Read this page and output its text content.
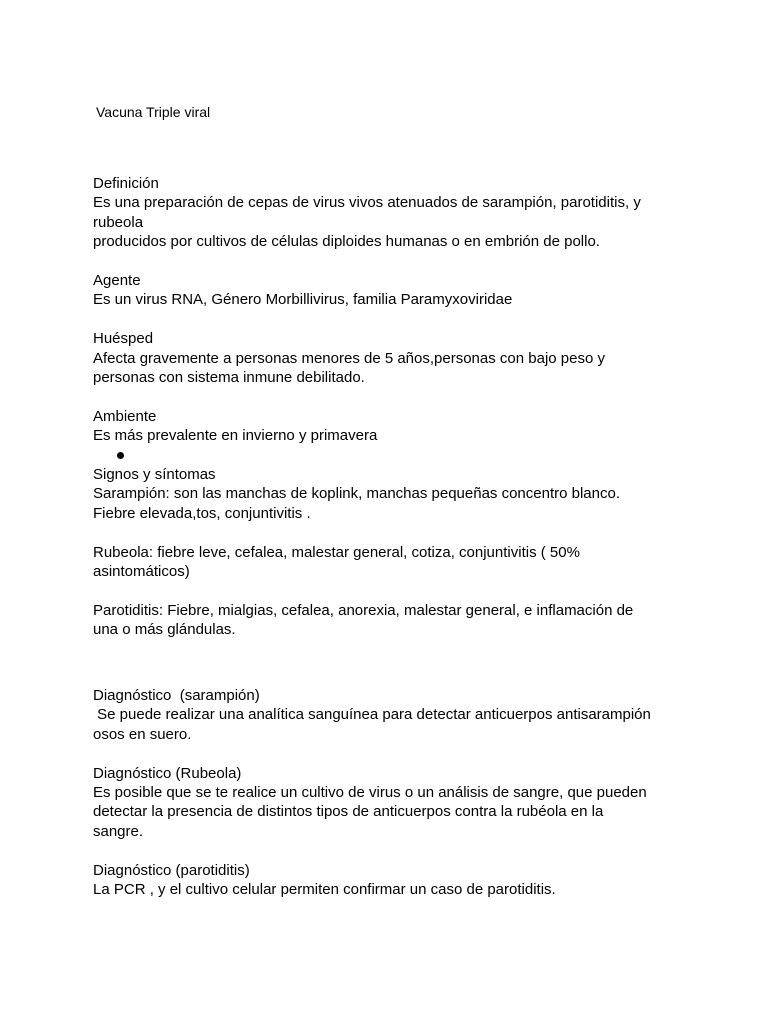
Vacuna Triple viral
Definición
Es una preparación de cepas de virus vivos atenuados de sarampión, parotiditis, y
rubeola
producidos por cultivos de células diploides humanas o en embrión de pollo.
Agente
Es un virus RNA, Género Morbillivirus, familia Paramyxoviridae
Huésped
Afecta gravemente a personas menores de 5 años,personas con bajo peso y
personas con sistema inmune debilitado.
Ambiente
Es más prevalente en invierno y primavera
Signos y síntomas
Sarampión: son las manchas de koplink, manchas pequeñas concentro blanco.
Fiebre elevada,tos, conjuntivitis .
Rubeola: fiebre leve, cefalea, malestar general, cotiza, conjuntivitis ( 50%
asintomáticos)
Parotiditis: Fiebre, mialgias, cefalea, anorexia, malestar general, e inflamación de
una o más glándulas.
Diagnóstico  (sarampión)
Se puede realizar una analítica sanguínea para detectar anticuerpos antisarampión
osos en suero.
Diagnóstico (Rubeola)
Es posible que se te realice un cultivo de virus o un análisis de sangre, que pueden
detectar la presencia de distintos tipos de anticuerpos contra la rubéola en la
sangre.
Diagnóstico (parotiditis)
La PCR , y el cultivo celular permiten confirmar un caso de parotiditis.
